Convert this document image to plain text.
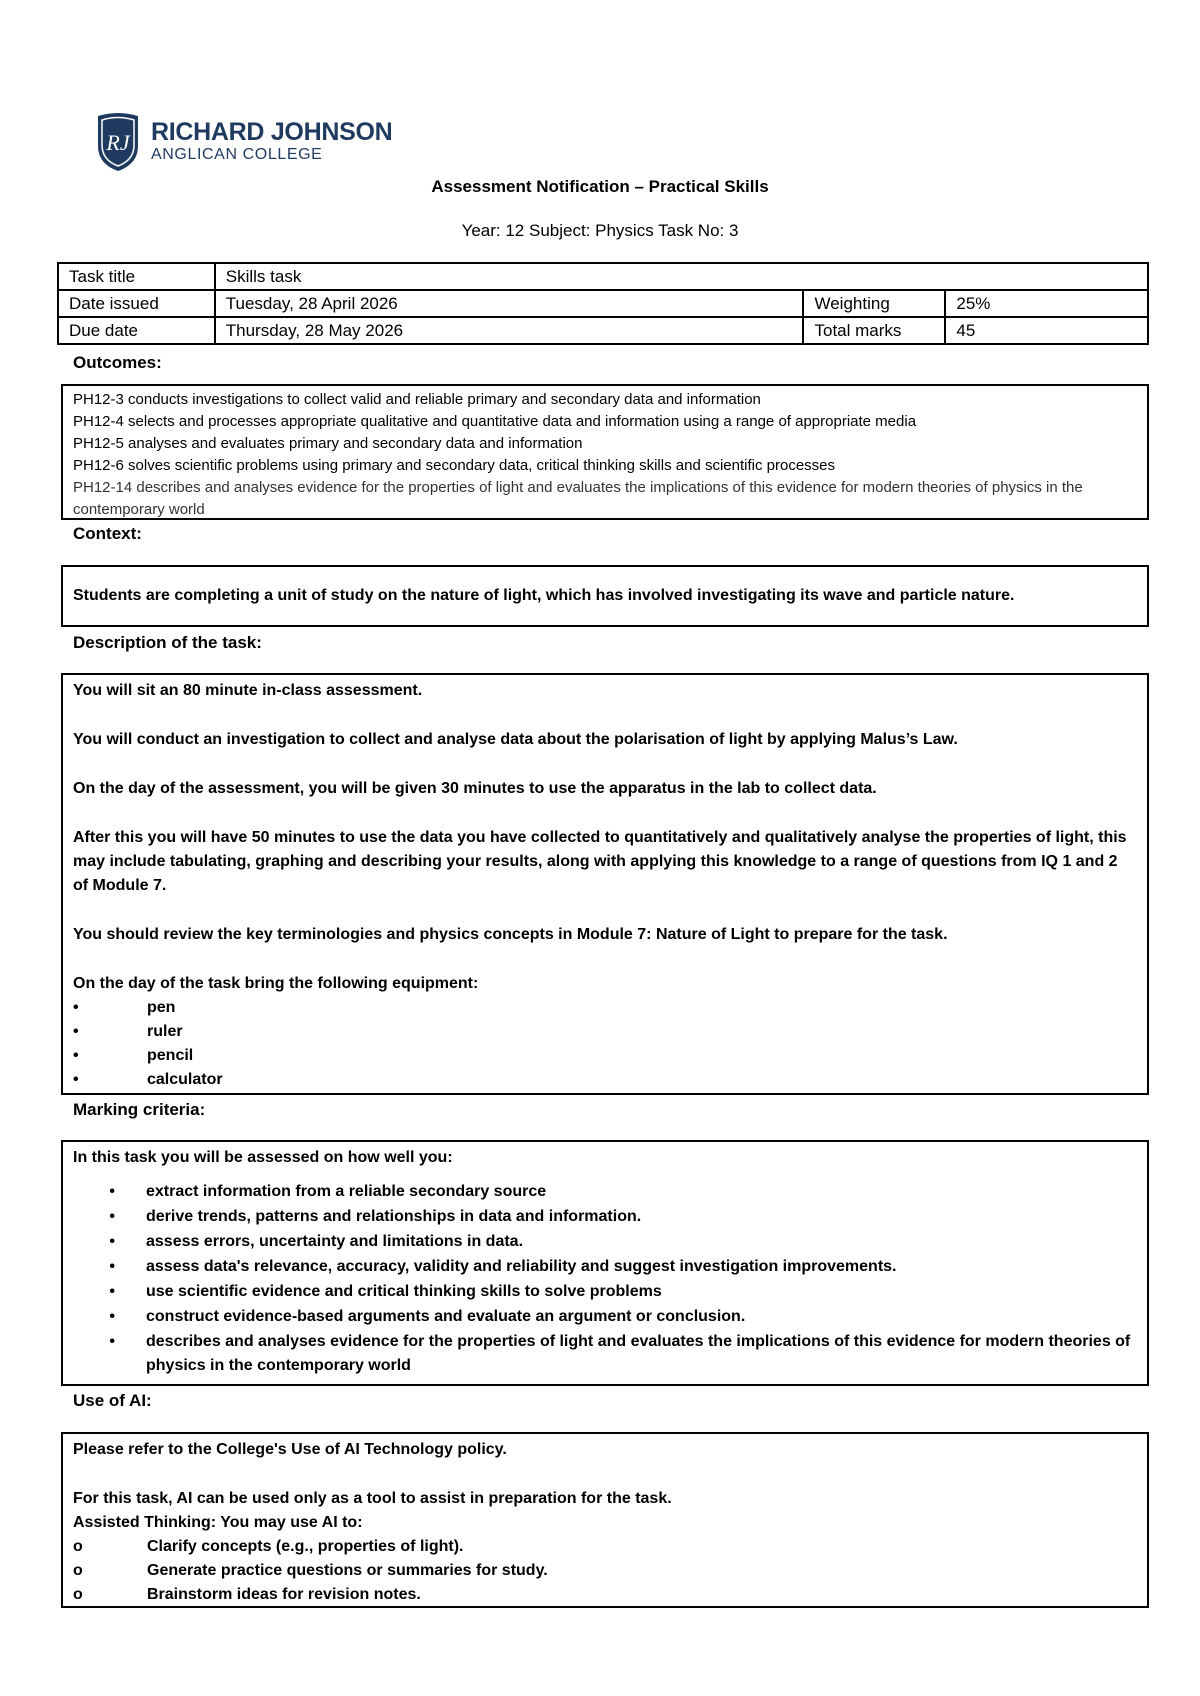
RJ RICHARD JOHNSON
ANGLICAN COLLEGE
Assessment Notification – Practical Skills
Year: 12 Subject: Physics Task No: 3
Task title	Skills task		
Date issued	Tuesday, 28 April 2026	Weighting	25%
Due date	Thursday, 28 May 2026	Total marks	45
Outcomes:
PH12-3 conducts investigations to collect valid and reliable primary and secondary data and information
PH12-4 selects and processes appropriate qualitative and quantitative data and information using a range of appropriate media
PH12-5 analyses and evaluates primary and secondary data and information
PH12-6 solves scientific problems using primary and secondary data, critical thinking skills and scientific processes
PH12-14 describes and analyses evidence for the properties of light and evaluates the implications of this evidence for modern theories of physics in the contemporary world
Context:
Students are completing a unit of study on the nature of light, which has involved investigating its wave and particle nature.
Description of the task:

You will sit an 80 minute in-class assessment.

You will conduct an investigation to collect and analyse data about the polarisation of light by applying Malus’s Law.

On the day of the assessment, you will be given 30 minutes to use the apparatus in the lab to collect data.

After this you will have 50 minutes to use the data you have collected to quantitatively and qualitatively analyse the properties of light, this may include tabulating, graphing and describing your results, along with applying this knowledge to a range of questions from IQ 1 and 2 of Module 7.

You should review the key terminologies and physics concepts in Module 7: Nature of Light to prepare for the task.

On the day of the task bring the following equipment:

•	pen
•	ruler
•	pencil
•	calculator
Marking criteria:
In this task you will be assessed on how well you:
•	extract information from a reliable secondary source
•	derive trends, patterns and relationships in data and information.
•	assess errors, uncertainty and limitations in data.
•	assess data's relevance, accuracy, validity and reliability and suggest investigation improvements.
•	use scientific evidence and critical thinking skills to solve problems
•	construct evidence-based arguments and evaluate an argument or conclusion.
•	describes and analyses evidence for the properties of light and evaluates the implications of this evidence for modern theories of physics in the contemporary world
Use of AI:
Please refer to the College's Use of AI Technology policy.
For this task, AI can be used only as a tool to assist in preparation for the task.
Assisted Thinking: You may use AI to:
o	Clarify concepts (e.g., properties of light).
o	Generate practice questions or summaries for study.
o	Brainstorm ideas for revision notes.
